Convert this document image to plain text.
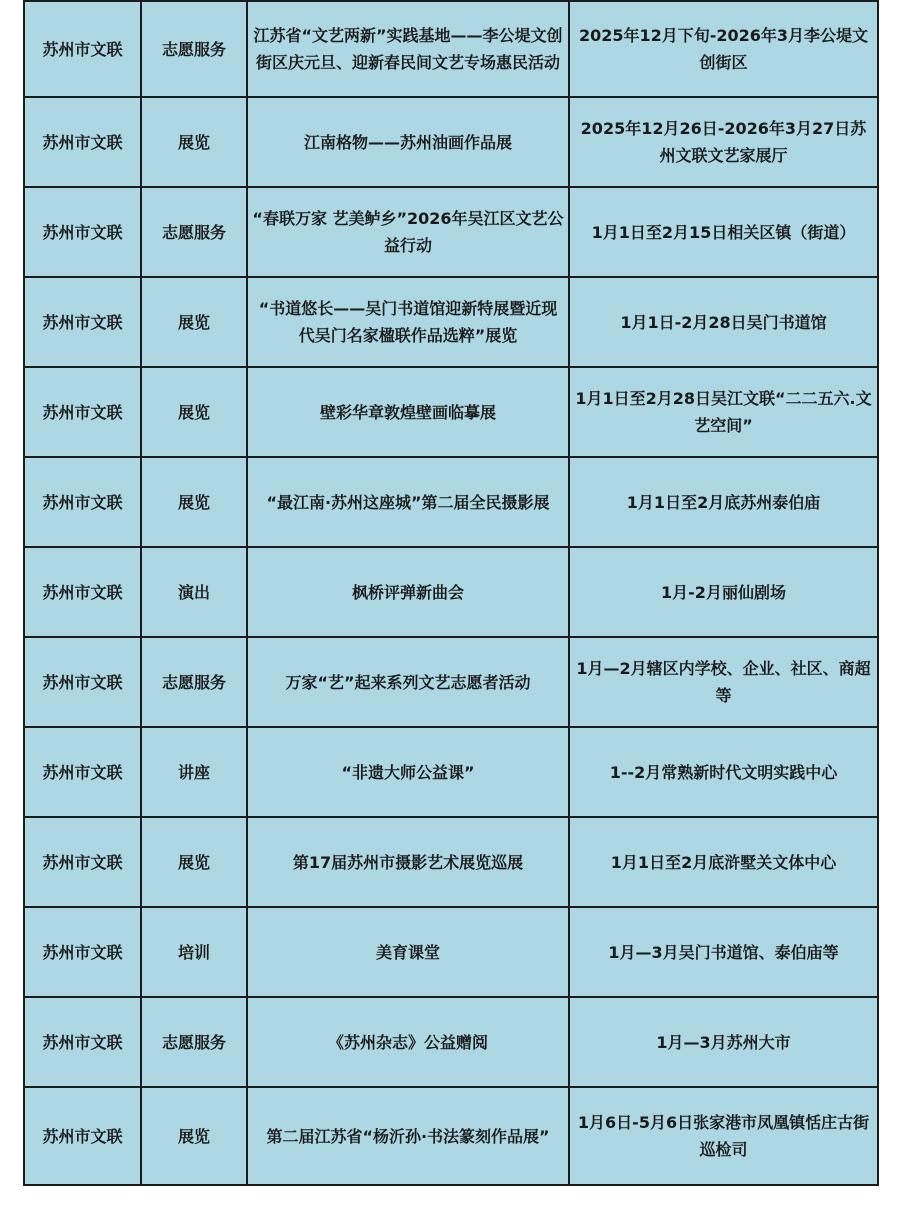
苏州市文联	志愿服务	江苏省“文艺两新”实践基地——李公堤文创街区庆元旦、迎新春民间文艺专场惠民活动	2025年12月下旬-2026年3月李公堤文创街区
苏州市文联	展览	江南格物——苏州油画作品展	2025年12月26日-2026年3月27日苏州文联文艺家展厅
苏州市文联	志愿服务	“春联万家 艺美鲈乡”2026年吴江区文艺公益行动	1月1日至2月15日相关区镇（街道）
苏州市文联	展览	“书道悠长——吴门书道馆迎新特展暨近现代吴门名家楹联作品选粹”展览	1月1日-2月28日吴门书道馆
苏州市文联	展览	壁彩华章敦煌壁画临摹展	1月1日至2月28日吴江文联“二二五六.文艺空间”
苏州市文联	展览	“最江南·苏州这座城”第二届全民摄影展	1月1日至2月底苏州泰伯庙
苏州市文联	演出	枫桥评弹新曲会	1月-2月丽仙剧场
苏州市文联	志愿服务	万家“艺”起来系列文艺志愿者活动	1月—2月辖区内学校、企业、社区、商超等
苏州市文联	讲座	“非遗大师公益课”	1--2月常熟新时代文明实践中心
苏州市文联	展览	第17届苏州市摄影艺术展览巡展	1月1日至2月底浒墅关文体中心
苏州市文联	培训	美育课堂	1月—3月吴门书道馆、泰伯庙等
苏州市文联	志愿服务	《苏州杂志》公益赠阅	1月—3月苏州大市
苏州市文联	展览	第二届江苏省“杨沂孙·书法篆刻作品展”	1月6日-5月6日张家港市凤凰镇恬庄古街巡检司
